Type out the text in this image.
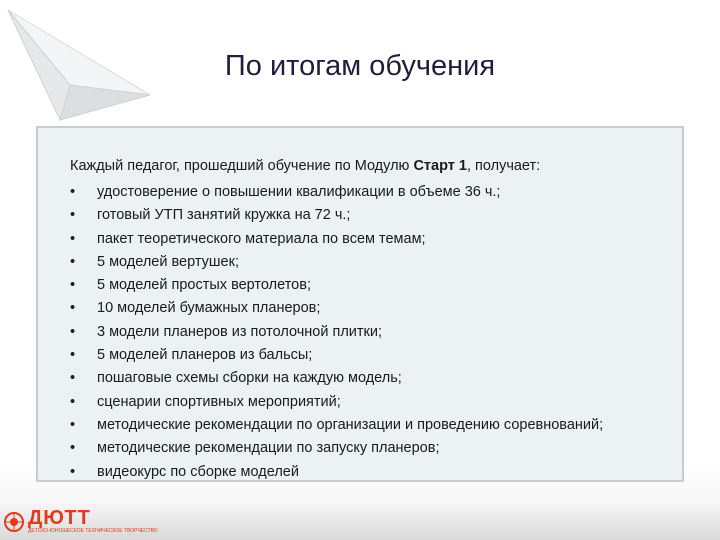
По итогам обучения
Каждый педагог, прошедший обучение по Модулю Старт 1, получает:
• удостоверение о повышении квалификации в объеме 36 ч.;
• готовый УТП занятий кружка на 72 ч.;
• пакет теоретического материала по всем темам;
• 5 моделей вертушек;
• 5 моделей простых вертолетов;
• 10 моделей бумажных планеров;
• 3 модели планеров из потолочной плитки;
• 5 моделей планеров из бальсы;
• пошаговые схемы сборки на каждую модель;
• сценарии спортивных мероприятий;
• методические рекомендации по организации и проведению соревнований;
• методические рекомендации по запуску планеров;
• видеокурс по сборке моделей
ДЮТТ
ДЕТСКО-ЮНОШЕСКОЕ ТЕХНИЧЕСКОЕ ТВОРЧЕСТВО
